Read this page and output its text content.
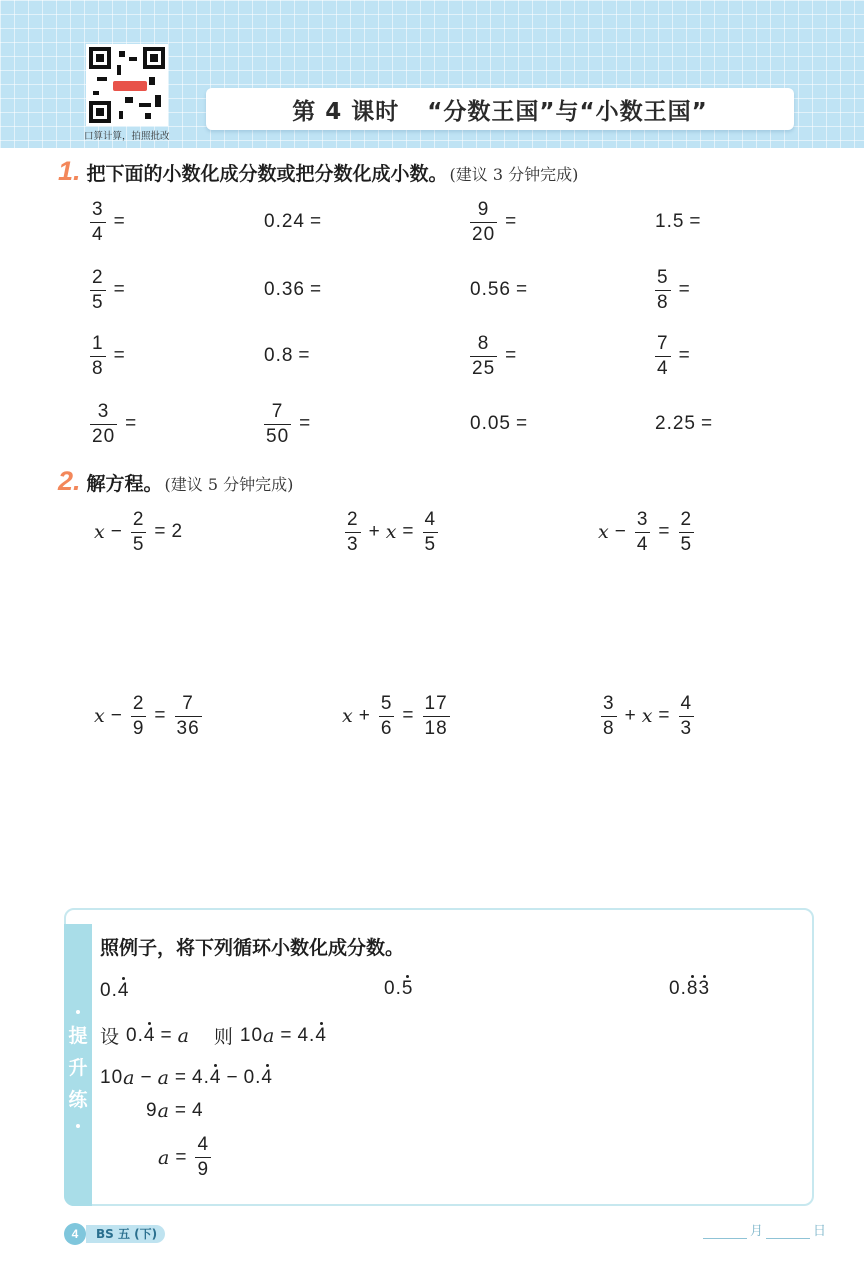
口算计算，拍照批改
第 4 课时 “分数王国”与“小数王国”
1. 把下面的小数化成分数或把分数化成小数。 (建议 3 分钟完成)
$\frac{3}{4}$ =	0.24 =	$\frac{9}{20}$ =	1.5 =
$\frac{2}{5}$ =	0.36 =	0.56 =	$\frac{5}{8}$ =
$\frac{1}{8}$ =	0.8 =	$\frac{8}{25}$ =	$\frac{7}{4}$ =
$\frac{3}{20}$ =	$\frac{7}{50}$ =	0.05 =	2.25 =
2. 解方程。 (建议 5 分钟完成)
$x - \frac{2}{5} = 2$	$\frac{2}{3} + x = \frac{4}{5}$	$x - \frac{3}{4} = \frac{2}{5}$
$x - \frac{2}{9} = \frac{7}{36}$	$x + \frac{5}{6} = \frac{17}{18}$	$\frac{3}{8} + x = \frac{4}{3}$
提
升
练
照例子，将下列循环小数化成分数。
0. 4	0. 5	0. 83
设 0. 4 = a 则 10 a = 4. 4
10 a − a = 4. 4 − 0. 4
9 a = 4
$a = \frac{4}{9}$
4	BS 五 (下)	月	日
